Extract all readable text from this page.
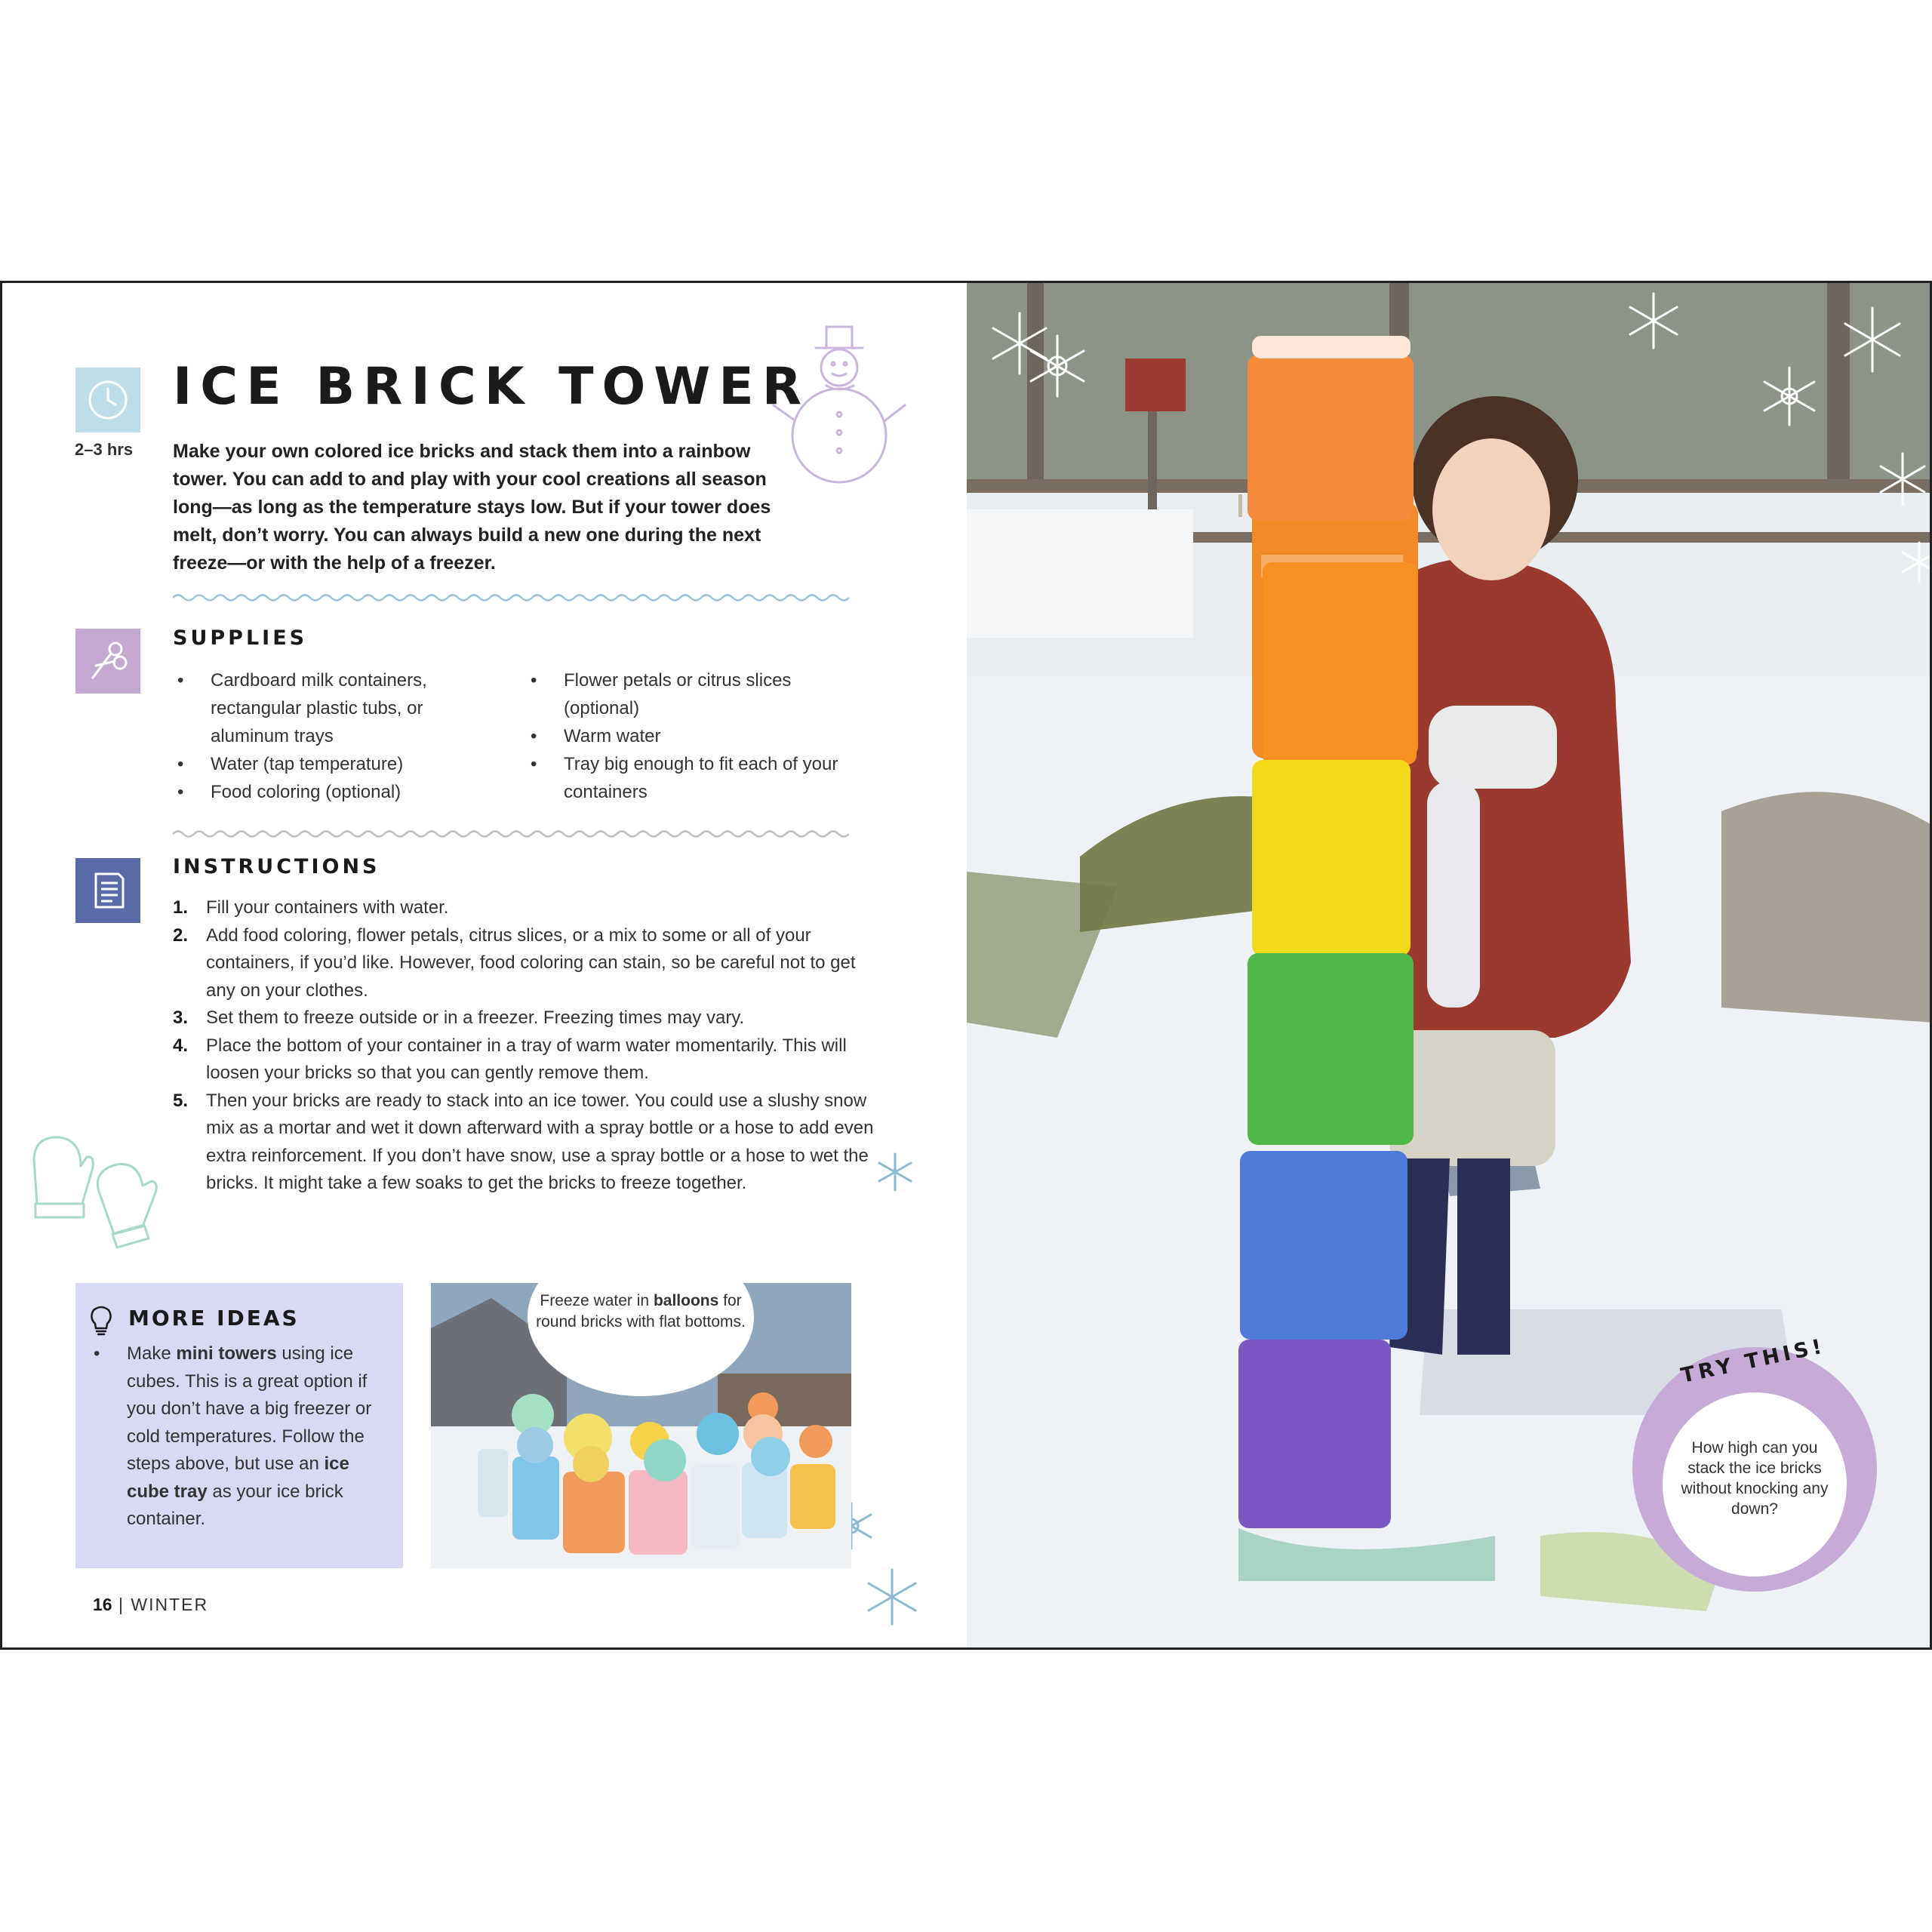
2–3 hrs
ICE BRICK TOWER

Make your own colored ice bricks and stack them into a rainbow tower. You can add to and play with your cool creations all season long—as long as the temperature stays low. But if your tower does melt, don’t worry. You can always build a new one during the next freeze—or with the help of a freezer.

SUPPLIES
• Cardboard milk containers, rectangular plastic tubs, or aluminum trays
• Water (tap temperature)
• Food coloring (optional)
• Flower petals or citrus slices (optional)
• Warm water
• Tray big enough to fit each of your containers
INSTRUCTIONS
1. Fill your containers with water.
2. Add food coloring, flower petals, citrus slices, or a mix to some or all of your containers, if you’d like. However, food coloring can stain, so be careful not to get any on your clothes.
3. Set them to freeze outside or in a freezer. Freezing times may vary.
4. Place the bottom of your container in a tray of warm water momentarily. This will loosen your bricks so that you can gently remove them.
5. Then your bricks are ready to stack into an ice tower. You could use a slushy snow mix as a mortar and wet it down afterward with a spray bottle or a hose to add even extra reinforcement. If you don’t have snow, use a spray bottle or a hose to wet the bricks. It might take a few soaks to get the bricks to freeze together.
MORE IDEAS
•	Make mini towers using ice cubes. This is a great option if you don’t have a big freezer or cold temperatures. Follow the steps above, but use an ice cube tray as your ice brick container.

Freeze water in balloons for round bricks with flat bottoms.
16 | WINTER
TRY THIS!
How high can you stack the ice bricks without knocking any down?
